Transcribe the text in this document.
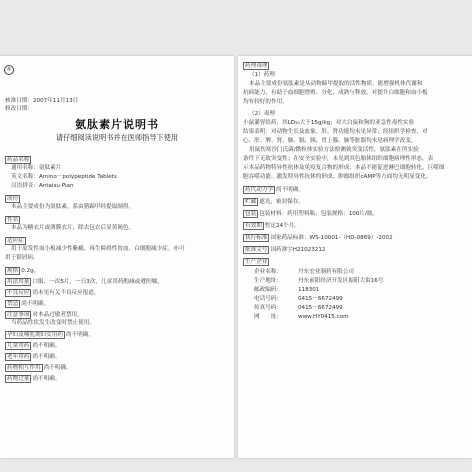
®
核准日期：2007年11月13日
修改日期：
氨肽素片说明书
请仔细阅读说明书并在医师指导下使用
药品名称
通用名称：氨肽素片
英文名称：Amino－polypeptide Tablets
汉语拼音：Antaisu Pian
成份
本品主要成份为氨肽素，系由猪蹄甲经提取制得。
性状
本品为糖衣片或薄膜衣片，除去包衣后显黄褐色。
适应症
用于原发性血小板减少性紫癜、再生障碍性贫血、白细胞减少症。亦可
用于银屑病。
规格 0.2g。
用法用量 口服，一次5片，一日3次，儿童用药酌减或遵医嘱。
不良反应 尚未见有关不良反应报道。
禁忌 尚不明确。
注意事项 对本品过敏者禁用。
当药品性状发生改变时禁止使用。
孕妇及哺乳期妇女用药 尚不明确。
儿童用药 尚不明确。
老年用药 尚不明确。
药物相互作用 尚不明确。
药物过量 尚不明确。
药理毒理
（1）药理
本品主要成份氨肽素是从动物蹄甲提取的活性物质，能增强机体代谢和
抗病能力，有助于血细胞增殖、分化、成熟与释放，对提升白细胞和血小板
均有较好的作用。
（2）毒理
小鼠灌胃给药，其LD₅₀大于15g/kg；对大白鼠和狗的亚急性毒性实验
结果表明：对动物生长及血象、肝、肾功能均未见异常；经组织学检查，对
心、肝、脾、肾、肺、膈、胰、胃上腺、脑等脏器均未见病理学改变。
用鼠伤寒沙门氏菌/微粒体实验方法检测致突变活性，氨肽素在所实验
条件下无致突变性；在安全实验中，未见到其色胎体组织细胞病理性形态，表
示本品药物特异性抗体及免疫复合物的形成；本品不能促进淋巴细胞转化、巨噬细
胞吞噬功能、激发特异性抗体的形成、肿瘤组织cAMP等方面均无明显变化。
药代动力学 尚不明确。
贮藏 遮光，密封保存。
包装 包装材料：药用塑料瓶；包装规格：100片/瓶。
有效期 暂定24个月。
执行标准 国家药品标准：WS-10001-（HD-0869）-2002
批准文号 国药准字H21023212
生产企业
企业名称：	丹东宏业制药有限公司
生产地址：	丹东前阳经济开发区振阳大街16号
邮政编码：	118301
电话号码：	0415－6672499
传真号码：	0415－6672499
网　　址：	www.HY0415.com
